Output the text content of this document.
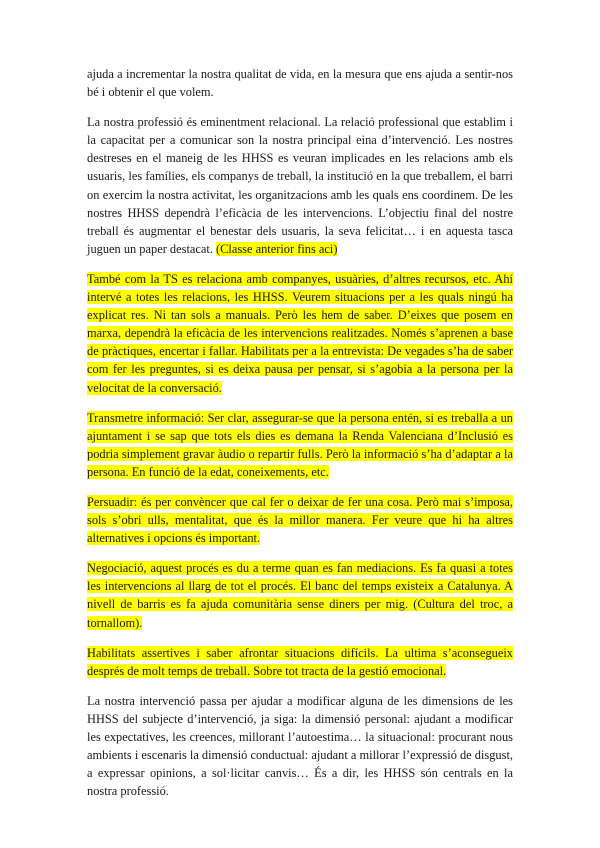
ajuda a incrementar la nostra qualitat de vida, en la mesura que ens ajuda a sentir-nos bé i obtenir el que volem.

La nostra professió és eminentment relacional. La relació professional que establim i la capacitat per a comunicar son la nostra principal eina d’intervenció. Les nostres destreses en el maneig de les HHSS es veuran implicades en les relacions amb els usuaris, les famílies, els companys de treball, la institució en la que treballem, el barri on exercim la nostra activitat, les organitzacions amb les quals ens coordinem. De les nostres HHSS dependrà l’eficàcia de les intervencions. L’objectiu final del nostre treball és augmentar el benestar dels usuaris, la seva felicitat… i en aquesta tasca juguen un paper destacat. (Classe anterior fins aci)

També com la TS es relaciona amb companyes, usuàries, d’altres recursos, etc. Ahí intervé a totes les relacions, les HHSS. Veurem situacions per a les quals ningú ha explicat res. Ni tan sols a manuals. Però les hem de saber. D’eixes que posem en marxa, dependrà la eficàcia de les intervencions realitzades. Només s’aprenen a base de pràctiques, encertar i fallar. Habilitats per a la entrevista: De vegades s’ha de saber com fer les preguntes, si es deixa pausa per pensar, si s’agobia a la persona per la velocitat de la conversació.

Transmetre informació: Ser clar, assegurar-se que la persona entén, si es treballa a un ajuntament i se sap que tots els dies es demana la Renda Valenciana d’Inclusió es podria simplement gravar àudio o repartir fulls. Però la informació s’ha d’adaptar a la persona. En funció de la edat, coneixements, etc.

Persuadir: és per convèncer que cal fer o deixar de fer una cosa. Però mai s’imposa, sols s’obri ulls, mentalitat, que és la millor manera. Fer veure que hi ha altres alternatives i opcions és important.

Negociació, aquest procés es du a terme quan es fan mediacions. Es fa quasi a totes les intervencions al llarg de tot el procés. El banc del temps existeix a Catalunya. A nivell de barris es fa ajuda comunitària sense diners per mig. (Cultura del troc, a tornallom).

Habilitats assertives i saber afrontar situacions difícils. La ultima s’aconsegueix després de molt temps de treball. Sobre tot tracta de la gestió emocional.

La nostra intervenció passa per ajudar a modificar alguna de les dimensions de les HHSS del subjecte d’intervenció, ja siga: la dimensió personal: ajudant a modificar les expectatives, les creences, millorant l’autoestima… la situacional: procurant nous ambients i escenaris la dimensió conductual: ajudant a millorar l’expressió de disgust, a expressar opinions, a sol·licitar canvis… És a dir, les HHSS són centrals en la nostra professió.
